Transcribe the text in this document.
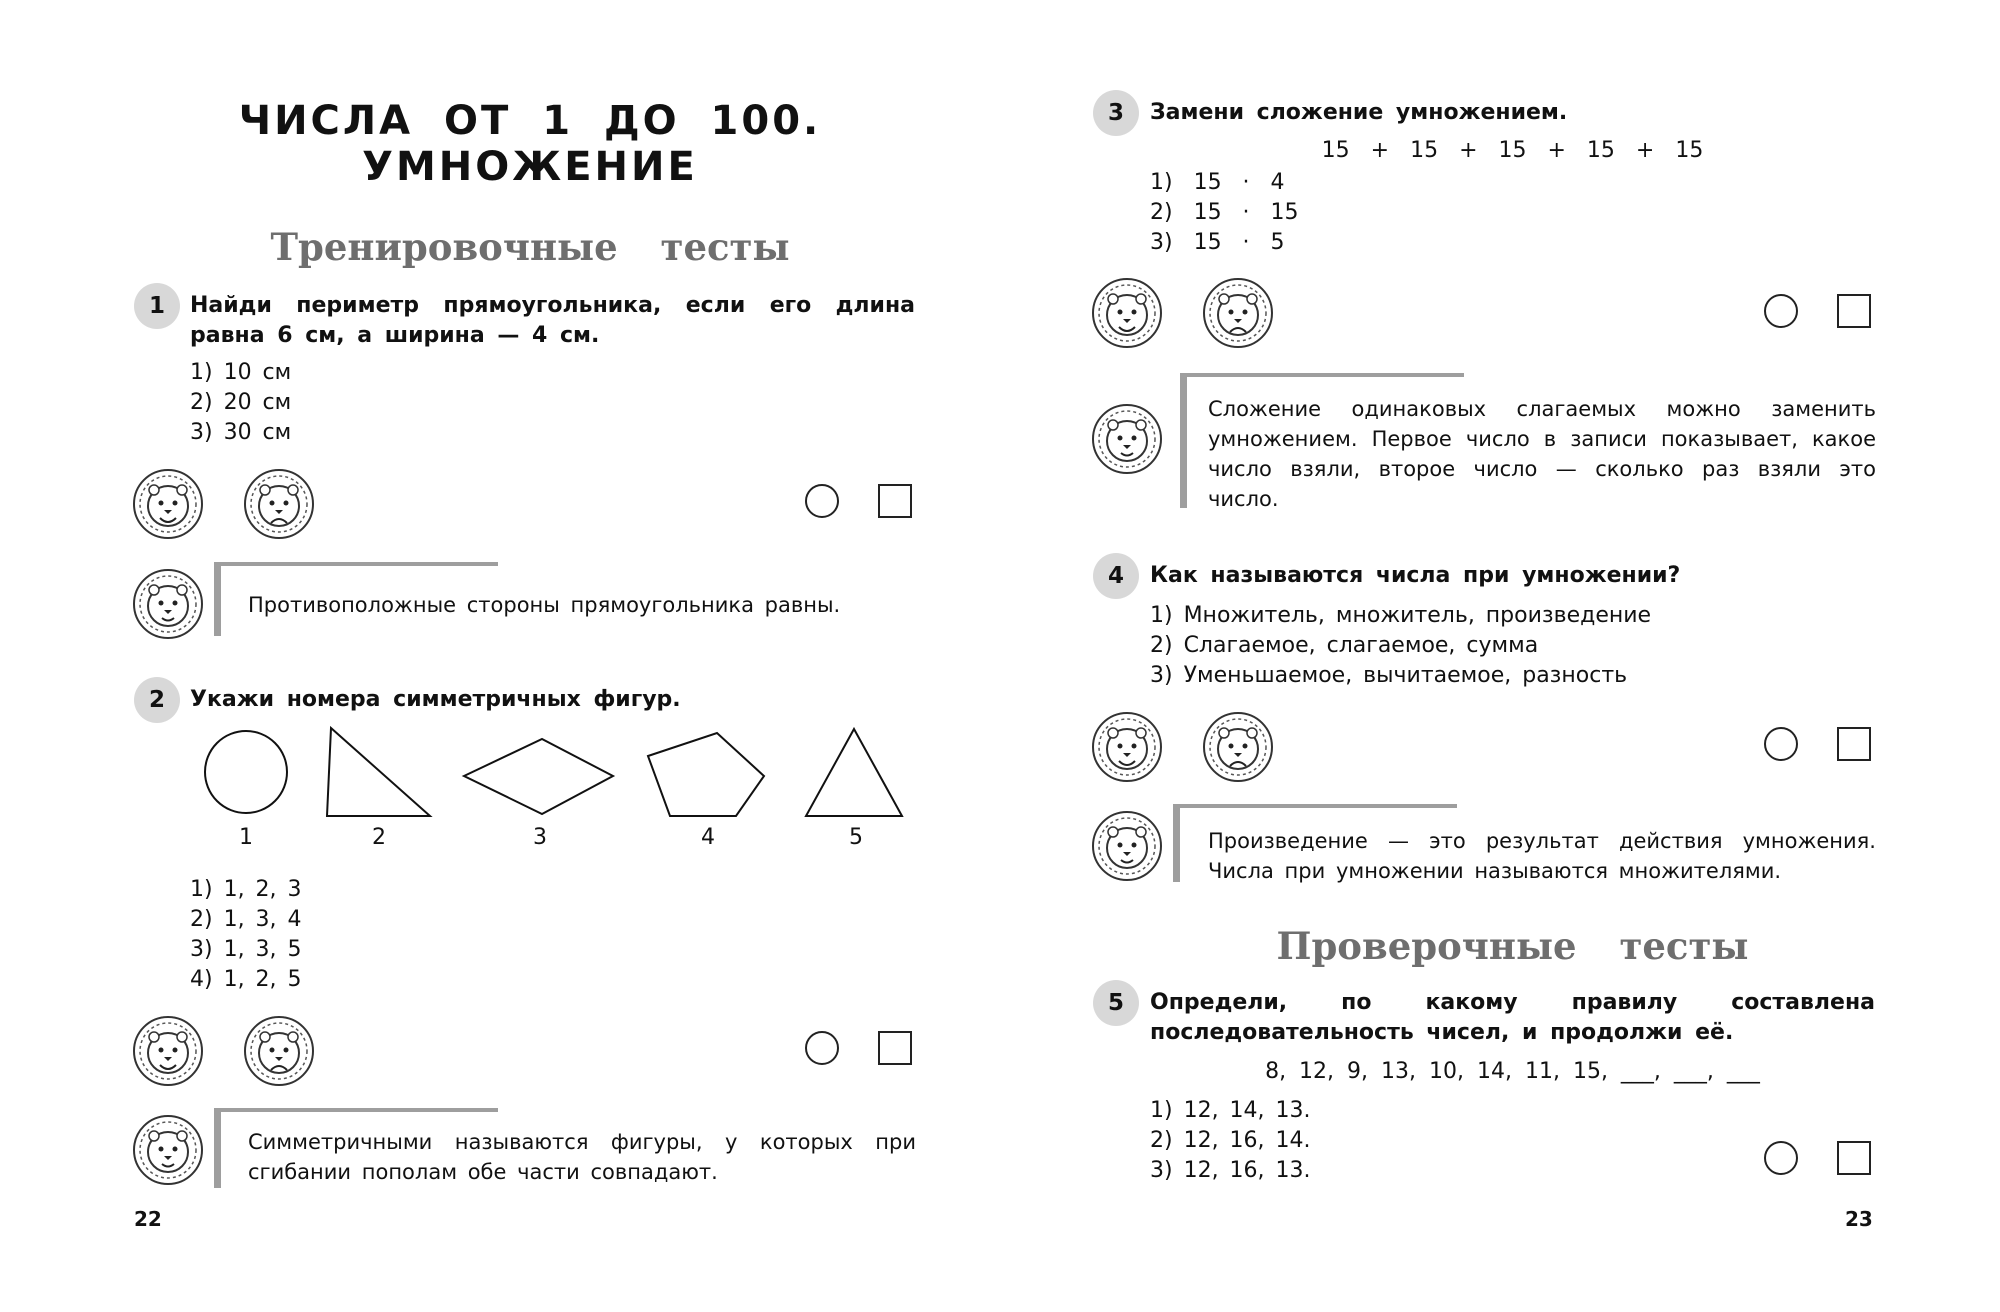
ЧИСЛА ОТ 1 ДО 100.
УМНОЖЕНИЕ
Тренировочные тесты
1	Найди периметр прямоугольника, если его длина равна 6 см, а ширина — 4 см.
1) 10 см
2) 20 см
3) 30 см
Противоположные стороны прямоугольника равны.
2	Укажи номера симметричных фигур.
1	2	3	4	5
1) 1, 2, 3
2) 1, 3, 4
3) 1, 3, 5
4) 1, 2, 5
Симметричными называются фигуры, у которых при сгибании пополам обе части совпадают.
22
3	Замени сложение умножением.
15 + 15 + 15 + 15 + 15
1) 15 · 4
2) 15 · 15
3) 15 · 5
Сложение одинаковых слагаемых можно заменить умножением. Первое число в записи показывает, какое число взяли, второе число — сколько раз взяли это число.
4	Как называются числа при умножении?
1) Множитель, множитель, произведение
2) Слагаемое, слагаемое, сумма
3) Уменьшаемое, вычитаемое, разность
Произведение — это результат действия умножения. Числа при умножении называются множителями.
Проверочные тесты
5	Определи, по какому правилу составлена последовательность чисел, и продолжи её.
8, 12, 9, 13, 10, 14, 11, 15, ___, ___, ___
1) 12, 14, 13.
2) 12, 16, 14.
3) 12, 16, 13.
23
